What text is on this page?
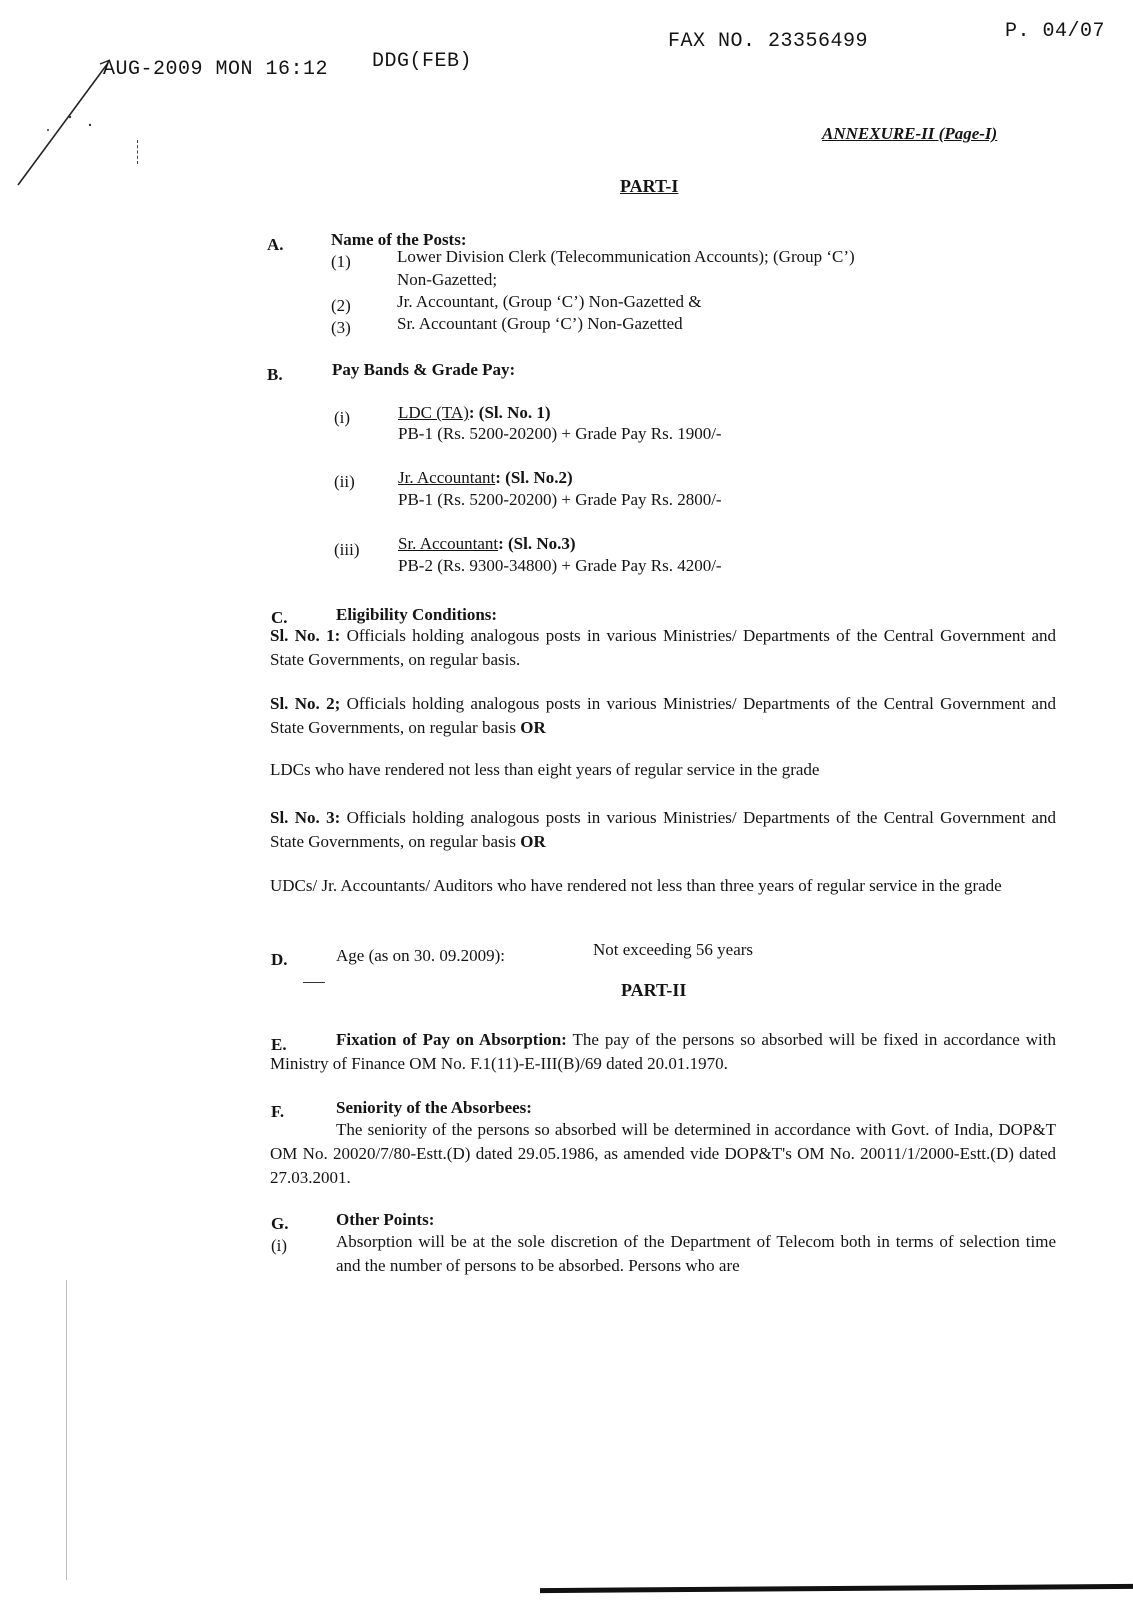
AUG-2009 MON 16:12 DDG(FEB)
FAX NO. 23356499	P. 04/07
ANNEXURE-II (Page-I)
PART-I
A.	Name of the Posts:
(1)	Lower Division Clerk (Telecommunication Accounts); (Group ‘C’)
Non-Gazetted;
(2)	Jr. Accountant, (Group ‘C’) Non-Gazetted &
(3)	Sr. Accountant (Group ‘C’) Non-Gazetted
B.	Pay Bands & Grade Pay:
(i)	LDC (TA): (Sl. No. 1)
PB-1 (Rs. 5200-20200) + Grade Pay Rs. 1900/-
(ii)	Jr. Accountant: (Sl. No.2)
PB-1 (Rs. 5200-20200) + Grade Pay Rs. 2800/-
(iii) Sr. Accountant: (Sl. No.3)
PB-2 (Rs. 9300-34800) + Grade Pay Rs. 4200/-
C.	Eligibility Conditions:
Sl. No. 1: Officials holding analogous posts in various Ministries/ Departments of the Central Government and State Governments, on regular basis.
Sl. No. 2; Officials holding analogous posts in various Ministries/ Departments of the Central Government and State Governments, on regular basis OR
LDCs who have rendered not less than eight years of regular service in the grade
Sl. No. 3: Officials holding analogous posts in various Ministries/ Departments of the Central Government and State Governments, on regular basis OR
UDCs/ Jr. Accountants/ Auditors who have rendered not less than three years of regular service in the grade
D.	Age (as on 30. 09.2009):	Not exceeding 56 years
PART-II
E.	Fixation of Pay on Absorption: The pay of the persons so absorbed will be fixed in accordance with Ministry of Finance OM No. F.1(11)-E-III(B)/69 dated 20.01.1970.
F.	Seniority of the Absorbees:
The seniority of the persons so absorbed will be determined in accordance with Govt. of India, DOP&T OM No. 20020/7/80-Estt.(D) dated 29.05.1986, as amended vide DOP&T's OM No. 20011/1/2000-Estt.(D) dated 27.03.2001.
G.	Other Points:
(i)	Absorption will be at the sole discretion of the Department of Telecom both in terms of selection time and the number of persons to be absorbed. Persons who are
